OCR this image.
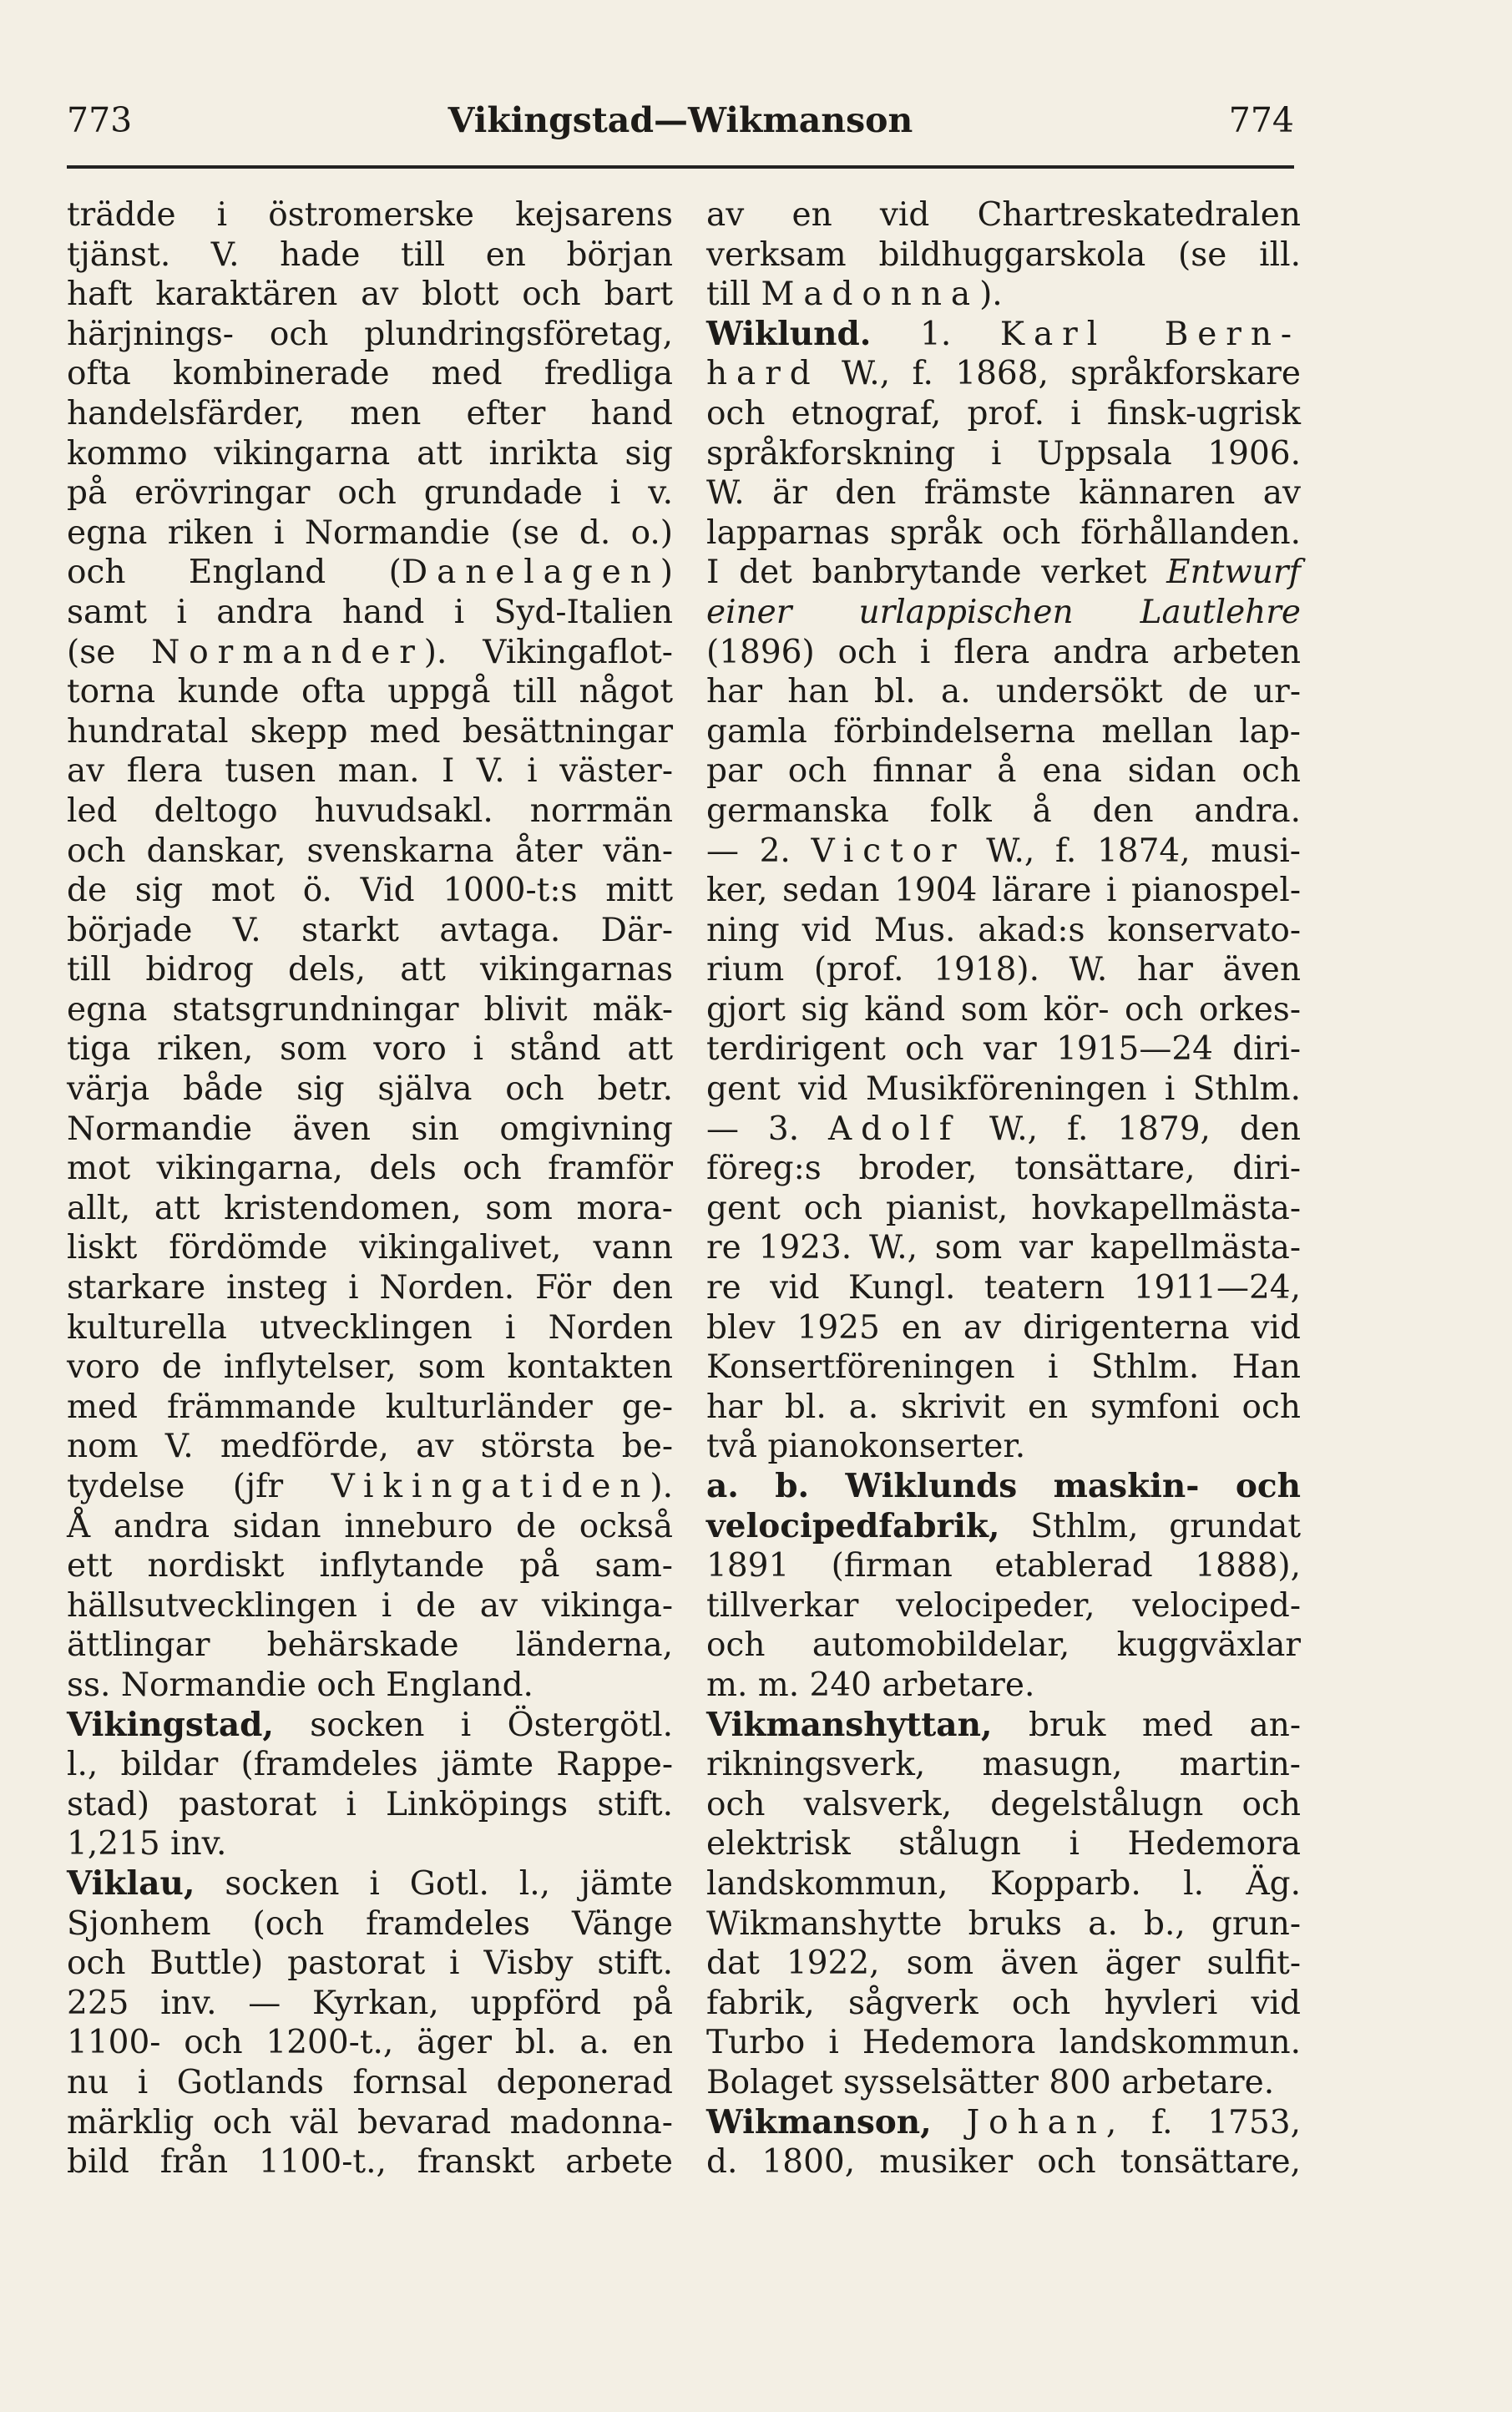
773	Vikingstad—Wikmanson	774
trädde i östromerske kejsarens
tjänst. V. hade till en början
haft karaktären av blott och bart
härjnings- och plundringsföretag,
ofta kombinerade med fredliga
handelsfärder, men efter hand
kommo vikingarna att inrikta sig
på erövringar och grundade i v.
egna riken i Normandie (se d. o.)
och England (Danelagen)
samt i andra hand i Syd-Italien
(se Normander). Vikingaflot-
torna kunde ofta uppgå till något
hundratal skepp med besättningar
av flera tusen man. I V. i väster-
led deltogo huvudsakl. norrmän
och danskar, svenskarna åter vän-
de sig mot ö. Vid 1000-t:s mitt
började V. starkt avtaga. Där-
till bidrog dels, att vikingarnas
egna statsgrundningar blivit mäk-
tiga riken, som voro i stånd att
värja både sig själva och betr.
Normandie även sin omgivning
mot vikingarna, dels och framför
allt, att kristendomen, som mora-
liskt fördömde vikingalivet, vann
starkare insteg i Norden. För den
kulturella utvecklingen i Norden
voro de inflytelser, som kontakten
med främmande kulturländer ge-
nom V. medförde, av största be-
tydelse (jfr Vikingatiden).
Å andra sidan inneburo de också
ett nordiskt inflytande på sam-
hällsutvecklingen i de av vikinga-
ättlingar behärskade länderna,
ss. Normandie och England.
Vikingstad, socken i Östergötl.
l., bildar (framdeles jämte Rappe-
stad) pastorat i Linköpings stift.
1,215 inv.
Viklau, socken i Gotl. l., jämte
Sjonhem (och framdeles Vänge
och Buttle) pastorat i Visby stift.
225 inv. — Kyrkan, uppförd på
1100- och 1200-t., äger bl. a. en
nu i Gotlands fornsal deponerad
märklig och väl bevarad madonna-
bild från 1100-t., franskt arbete
av en vid Chartreskatedralen
verksam bildhuggarskola (se ill.
till Madonna).
Wiklund. 1. Karl Bern-
hard W., f. 1868, språkforskare
och etnograf, prof. i finsk-ugrisk
språkforskning i Uppsala 1906.
W. är den främste kännaren av
lapparnas språk och förhållanden.
I det banbrytande verket Entwurf
einer urlappischen Lautlehre
(1896) och i flera andra arbeten
har han bl. a. undersökt de ur-
gamla förbindelserna mellan lap-
par och finnar å ena sidan och
germanska folk å den andra.
— 2. Victor W., f. 1874, musi-
ker, sedan 1904 lärare i pianospel-
ning vid Mus. akad:s konservato-
rium (prof. 1918). W. har även
gjort sig känd som kör- och orkes-
terdirigent och var 1915—24 diri-
gent vid Musikföreningen i Sthlm.
— 3. Adolf W., f. 1879, den
föreg:s broder, tonsättare, diri-
gent och pianist, hovkapellmästa-
re 1923. W., som var kapellmästa-
re vid Kungl. teatern 1911—24,
blev 1925 en av dirigenterna vid
Konsertföreningen i Sthlm. Han
har bl. a. skrivit en symfoni och
två pianokonserter.
a. b. Wiklunds maskin- och
velocipedfabrik, Sthlm, grundat
1891 (firman etablerad 1888),
tillverkar velocipeder, velociped-
och automobildelar, kuggväxlar
m. m. 240 arbetare.
Vikmanshyttan, bruk med an-
rikningsverk, masugn, martin-
och valsverk, degelstålugn och
elektrisk stålugn i Hedemora
landskommun, Kopparb. l. Äg.
Wikmanshytte bruks a. b., grun-
dat 1922, som även äger sulfit-
fabrik, sågverk och hyvleri vid
Turbo i Hedemora landskommun.
Bolaget sysselsätter 800 arbetare.
Wikmanson, Johan, f. 1753,
d. 1800, musiker och tonsättare,
